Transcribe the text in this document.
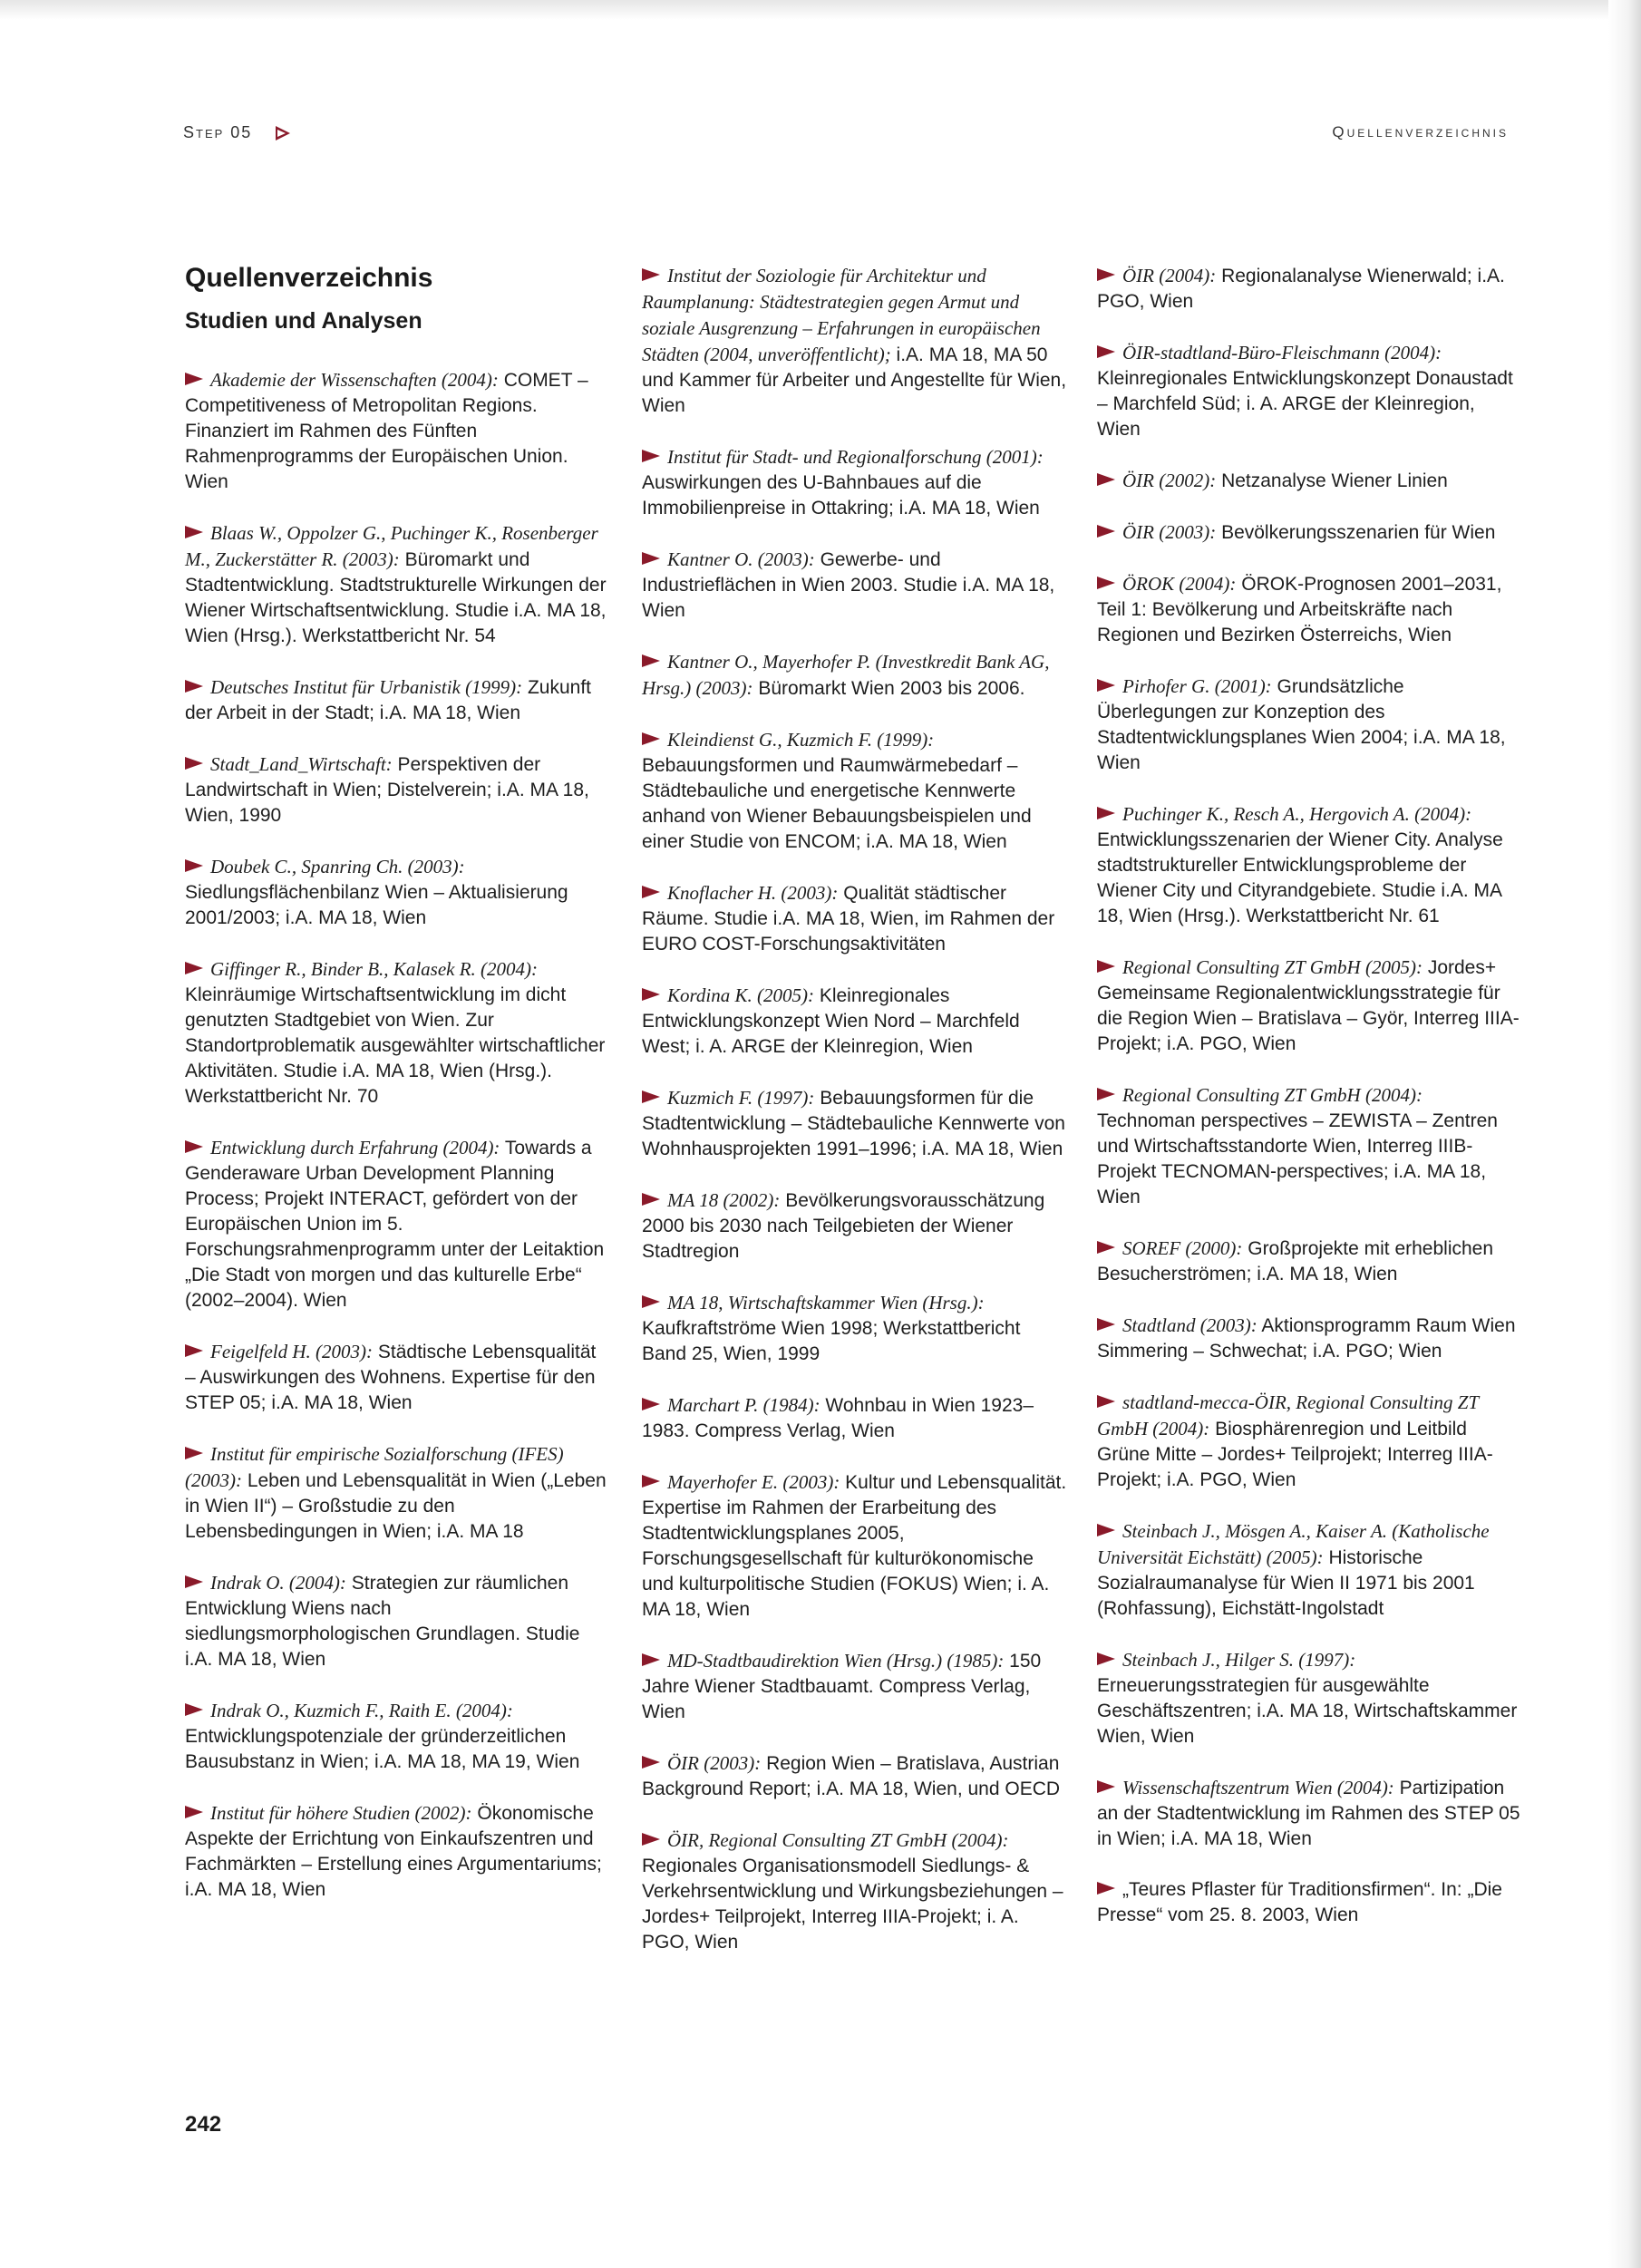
Step 05	Quellenverzeichnis
Quellenverzeichnis
Studien und Analysen
Akademie der Wissenschaften (2004): COMET – Competitiveness of Metropolitan Regions. Finanziert im Rahmen des Fünften Rahmenprogramms der Europäischen Union. Wien
Blaas W., Oppolzer G., Puchinger K., Rosenberger M., Zuckerstätter R. (2003): Büromarkt und Stadtentwicklung. Stadtstrukturelle Wirkungen der Wiener Wirtschaftsentwicklung. Studie i.A. MA 18, Wien (Hrsg.). Werkstattbericht Nr. 54
Deutsches Institut für Urbanistik (1999): Zukunft der Arbeit in der Stadt; i.A. MA 18, Wien
Stadt_Land_Wirtschaft: Perspektiven der Landwirtschaft in Wien; Distelverein; i.A. MA 18, Wien, 1990
Doubek C., Spanring Ch. (2003): Siedlungsflächenbilanz Wien – Aktualisierung 2001/2003; i.A. MA 18, Wien
Giffinger R., Binder B., Kalasek R. (2004): Kleinräumige Wirtschaftsentwicklung im dicht genutzten Stadtgebiet von Wien. Zur Standortproblematik ausgewählter wirtschaftlicher Aktivitäten. Studie i.A. MA 18, Wien (Hrsg.). Werkstattbericht Nr. 70
Entwicklung durch Erfahrung (2004): Towards a Genderaware Urban Development Planning Process; Projekt INTERACT, gefördert von der Europäischen Union im 5. Forschungsrahmenprogramm unter der Leitaktion „Die Stadt von morgen und das kulturelle Erbe“ (2002–2004). Wien
Feigelfeld H. (2003): Städtische Lebensqualität – Auswirkungen des Wohnens. Expertise für den STEP 05; i.A. MA 18, Wien
Institut für empirische Sozialforschung (IFES) (2003): Leben und Lebensqualität in Wien („Leben in Wien II“) – Großstudie zu den Lebensbedingungen in Wien; i.A. MA 18
Indrak O. (2004): Strategien zur räumlichen Entwicklung Wiens nach siedlungsmorphologischen Grundlagen. Studie i.A. MA 18, Wien
Indrak O., Kuzmich F., Raith E. (2004): Entwicklungspotenziale der gründerzeitlichen Bausubstanz in Wien; i.A. MA 18, MA 19, Wien
Institut für höhere Studien (2002): Ökonomische Aspekte der Errichtung von Einkaufszentren und Fachmärkten – Erstellung eines Argumentariums; i.A. MA 18, Wien
Institut der Soziologie für Architektur und Raumplanung: Städtestrategien gegen Armut und soziale Ausgrenzung – Erfahrungen in europäischen Städten (2004, unveröffentlicht); i.A. MA 18, MA 50 und Kammer für Arbeiter und Angestellte für Wien, Wien
Institut für Stadt- und Regionalforschung (2001): Auswirkungen des U-Bahnbaues auf die Immobilienpreise in Ottakring; i.A. MA 18, Wien
Kantner O. (2003): Gewerbe- und Industrieflächen in Wien 2003. Studie i.A. MA 18, Wien
Kantner O., Mayerhofer P. (Investkredit Bank AG, Hrsg.) (2003): Büromarkt Wien 2003 bis 2006.
Kleindienst G., Kuzmich F. (1999): Bebauungsformen und Raumwärmebedarf – Städtebauliche und energetische Kennwerte anhand von Wiener Bebauungsbeispielen und einer Studie von ENCOM; i.A. MA 18, Wien
Knoflacher H. (2003): Qualität städtischer Räume. Studie i.A. MA 18, Wien, im Rahmen der EURO COST-Forschungsaktivitäten
Kordina K. (2005): Kleinregionales Entwicklungskonzept Wien Nord – Marchfeld West; i. A. ARGE der Kleinregion, Wien
Kuzmich F. (1997): Bebauungsformen für die Stadtentwicklung – Städtebauliche Kennwerte von Wohnhausprojekten 1991–1996; i.A. MA 18, Wien
MA 18 (2002): Bevölkerungsvorausschätzung 2000 bis 2030 nach Teilgebieten der Wiener Stadtregion
MA 18, Wirtschaftskammer Wien (Hrsg.): Kaufkraftströme Wien 1998; Werkstattbericht Band 25, Wien, 1999
Marchart P. (1984): Wohnbau in Wien 1923–1983. Compress Verlag, Wien
Mayerhofer E. (2003): Kultur und Lebensqualität. Expertise im Rahmen der Erarbeitung des Stadtentwicklungsplanes 2005, Forschungsgesellschaft für kulturökonomische und kulturpolitische Studien (FOKUS) Wien; i. A. MA 18, Wien
MD-Stadtbaudirektion Wien (Hrsg.) (1985): 150 Jahre Wiener Stadtbauamt. Compress Verlag, Wien
ÖIR (2003): Region Wien – Bratislava, Austrian Background Report; i.A. MA 18, Wien, und OECD
ÖIR, Regional Consulting ZT GmbH (2004): Regionales Organisationsmodell Siedlungs- & Verkehrsentwicklung und Wirkungsbeziehungen – Jordes+ Teilprojekt, Interreg IIIA-Projekt; i. A. PGO, Wien
ÖIR (2004): Regionalanalyse Wienerwald; i.A. PGO, Wien
ÖIR-stadtland-Büro-Fleischmann (2004): Kleinregionales Entwicklungskonzept Donaustadt – Marchfeld Süd; i. A. ARGE der Kleinregion, Wien
ÖIR (2002): Netzanalyse Wiener Linien
ÖIR (2003): Bevölkerungsszenarien für Wien
ÖROK (2004): ÖROK-Prognosen 2001–2031, Teil 1: Bevölkerung und Arbeitskräfte nach Regionen und Bezirken Österreichs, Wien
Pirhofer G. (2001): Grundsätzliche Überlegungen zur Konzeption des Stadtentwicklungsplanes Wien 2004; i.A. MA 18, Wien
Puchinger K., Resch A., Hergovich A. (2004): Entwicklungsszenarien der Wiener City. Analyse stadtstruktureller Entwicklungsprobleme der Wiener City und Cityrandgebiete. Studie i.A. MA 18, Wien (Hrsg.). Werkstattbericht Nr. 61
Regional Consulting ZT GmbH (2005): Jordes+ Gemeinsame Regionalentwicklungsstrategie für die Region Wien – Bratislava – Györ, Interreg IIIA-Projekt; i.A. PGO, Wien
Regional Consulting ZT GmbH (2004): Technoman perspectives – ZEWISTA – Zentren und Wirtschaftsstandorte Wien, Interreg IIIB-Projekt TECNOMAN-perspectives; i.A. MA 18, Wien
SOREF (2000): Großprojekte mit erheblichen Besucherströmen; i.A. MA 18, Wien
Stadtland (2003): Aktionsprogramm Raum Wien Simmering – Schwechat; i.A. PGO; Wien
stadtland-mecca-ÖIR, Regional Consulting ZT GmbH (2004): Biosphärenregion und Leitbild Grüne Mitte – Jordes+ Teilprojekt; Interreg IIIA-Projekt; i.A. PGO, Wien
Steinbach J., Mösgen A., Kaiser A. (Katholische Universität Eichstätt) (2005): Historische Sozialraumanalyse für Wien II 1971 bis 2001 (Rohfassung), Eichstätt-Ingolstadt
Steinbach J., Hilger S. (1997): Erneuerungsstrategien für ausgewählte Geschäftszentren; i.A. MA 18, Wirtschaftskammer Wien, Wien
Wissenschaftszentrum Wien (2004): Partizipation an der Stadtentwicklung im Rahmen des STEP 05 in Wien; i.A. MA 18, Wien
„Teures Pflaster für Traditionsfirmen“. In: „Die Presse“ vom 25. 8. 2003, Wien
242
